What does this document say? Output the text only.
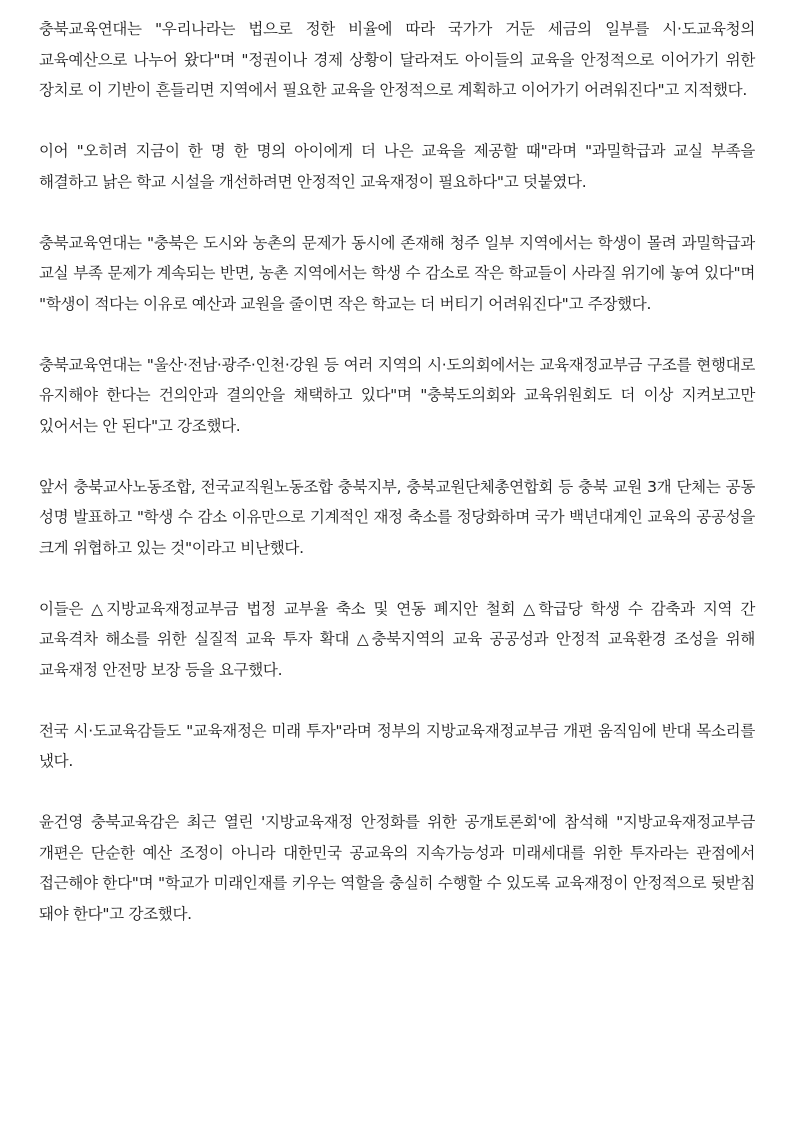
충북교육연대는 "우리나라는 법으로 정한 비율에 따라 국가가 거둔 세금의 일부를 시·도교육청의 교육예산으로 나누어 왔다"며 "정권이나 경제 상황이 달라져도 아이들의 교육을 안정적으로 이어가기 위한 장치로 이 기반이 흔들리면 지역에서 필요한 교육을 안정적으로 계획하고 이어가기 어려워진다"고 지적했다.

이어 "오히려 지금이 한 명 한 명의 아이에게 더 나은 교육을 제공할 때"라며 "과밀학급과 교실 부족을 해결하고 낡은 학교 시설을 개선하려면 안정적인 교육재정이 필요하다"고 덧붙였다.

충북교육연대는 "충북은 도시와 농촌의 문제가 동시에 존재해 청주 일부 지역에서는 학생이 몰려 과밀학급과 교실 부족 문제가 계속되는 반면, 농촌 지역에서는 학생 수 감소로 작은 학교들이 사라질 위기에 놓여 있다"며 "학생이 적다는 이유로 예산과 교원을 줄이면 작은 학교는 더 버티기 어려워진다"고 주장했다.

충북교육연대는 "울산·전남·광주·인천·강원 등 여러 지역의 시·도의회에서는 교육재정교부금 구조를 현행대로 유지해야 한다는 건의안과 결의안을 채택하고 있다"며 "충북도의회와 교육위원회도 더 이상 지켜보고만 있어서는 안 된다"고 강조했다.

앞서 충북교사노동조합, 전국교직원노동조합 충북지부, 충북교원단체총연합회 등 충북 교원 3개 단체는 공동 성명 발표하고 "학생 수 감소 이유만으로 기계적인 재정 축소를 정당화하며 국가 백년대계인 교육의 공공성을 크게 위협하고 있는 것"이라고 비난했다.

이들은 △지방교육재정교부금 법정 교부율 축소 및 연동 폐지안 철회 △학급당 학생 수 감축과 지역 간 교육격차 해소를 위한 실질적 교육 투자 확대 △충북지역의 교육 공공성과 안정적 교육환경 조성을 위해 교육재정 안전망 보장 등을 요구했다.

전국 시·도교육감들도 "교육재정은 미래 투자"라며 정부의 지방교육재정교부금 개편 움직임에 반대 목소리를 냈다.

윤건영 충북교육감은 최근 열린 '지방교육재정 안정화를 위한 공개토론회'에 참석해 "지방교육재정교부금 개편은 단순한 예산 조정이 아니라 대한민국 공교육의 지속가능성과 미래세대를 위한 투자라는 관점에서 접근해야 한다"며 "학교가 미래인재를 키우는 역할을 충실히 수행할 수 있도록 교육재정이 안정적으로 뒷받침 돼야 한다"고 강조했다.
